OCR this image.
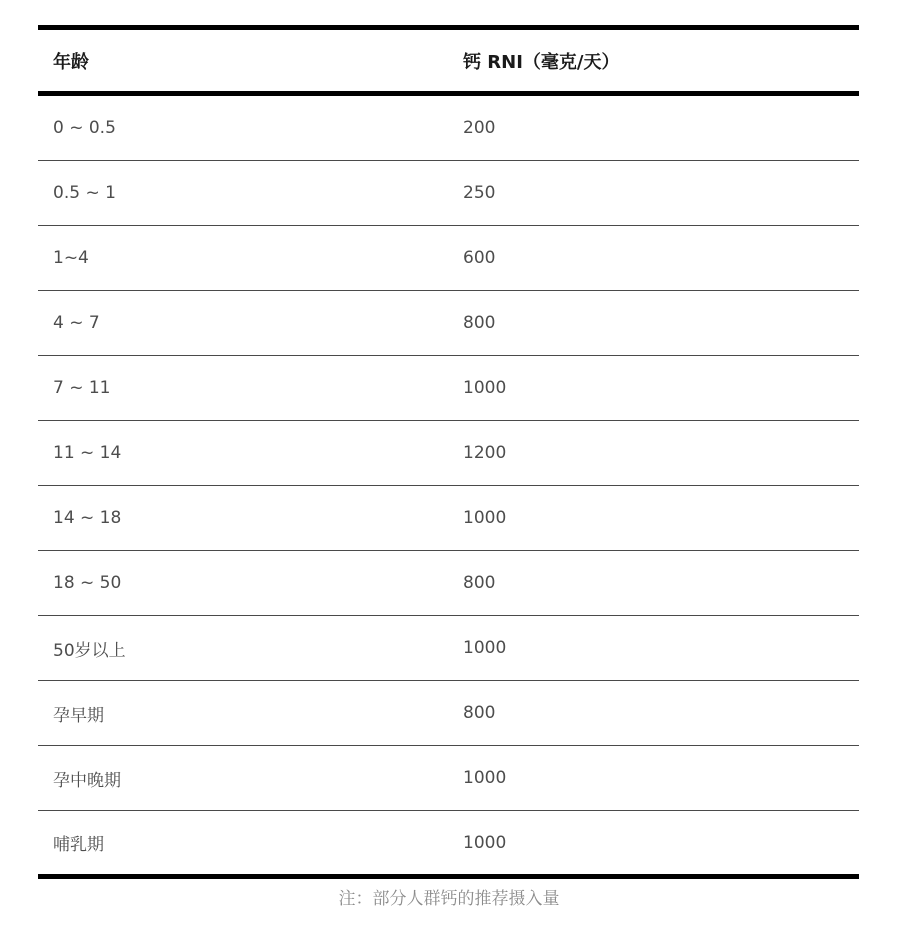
年龄	钙 RNI（毫克/天）
0 ~ 0.5	200
0.5 ~ 1	250
1~4	600
4 ~ 7	800
7 ~ 11	1000
11 ~ 14	1200
14 ~ 18	1000
18 ~ 50	800
50岁以上	1000
孕早期	800
孕中晚期	1000
哺乳期	1000
注：部分人群钙的推荐摄入量
